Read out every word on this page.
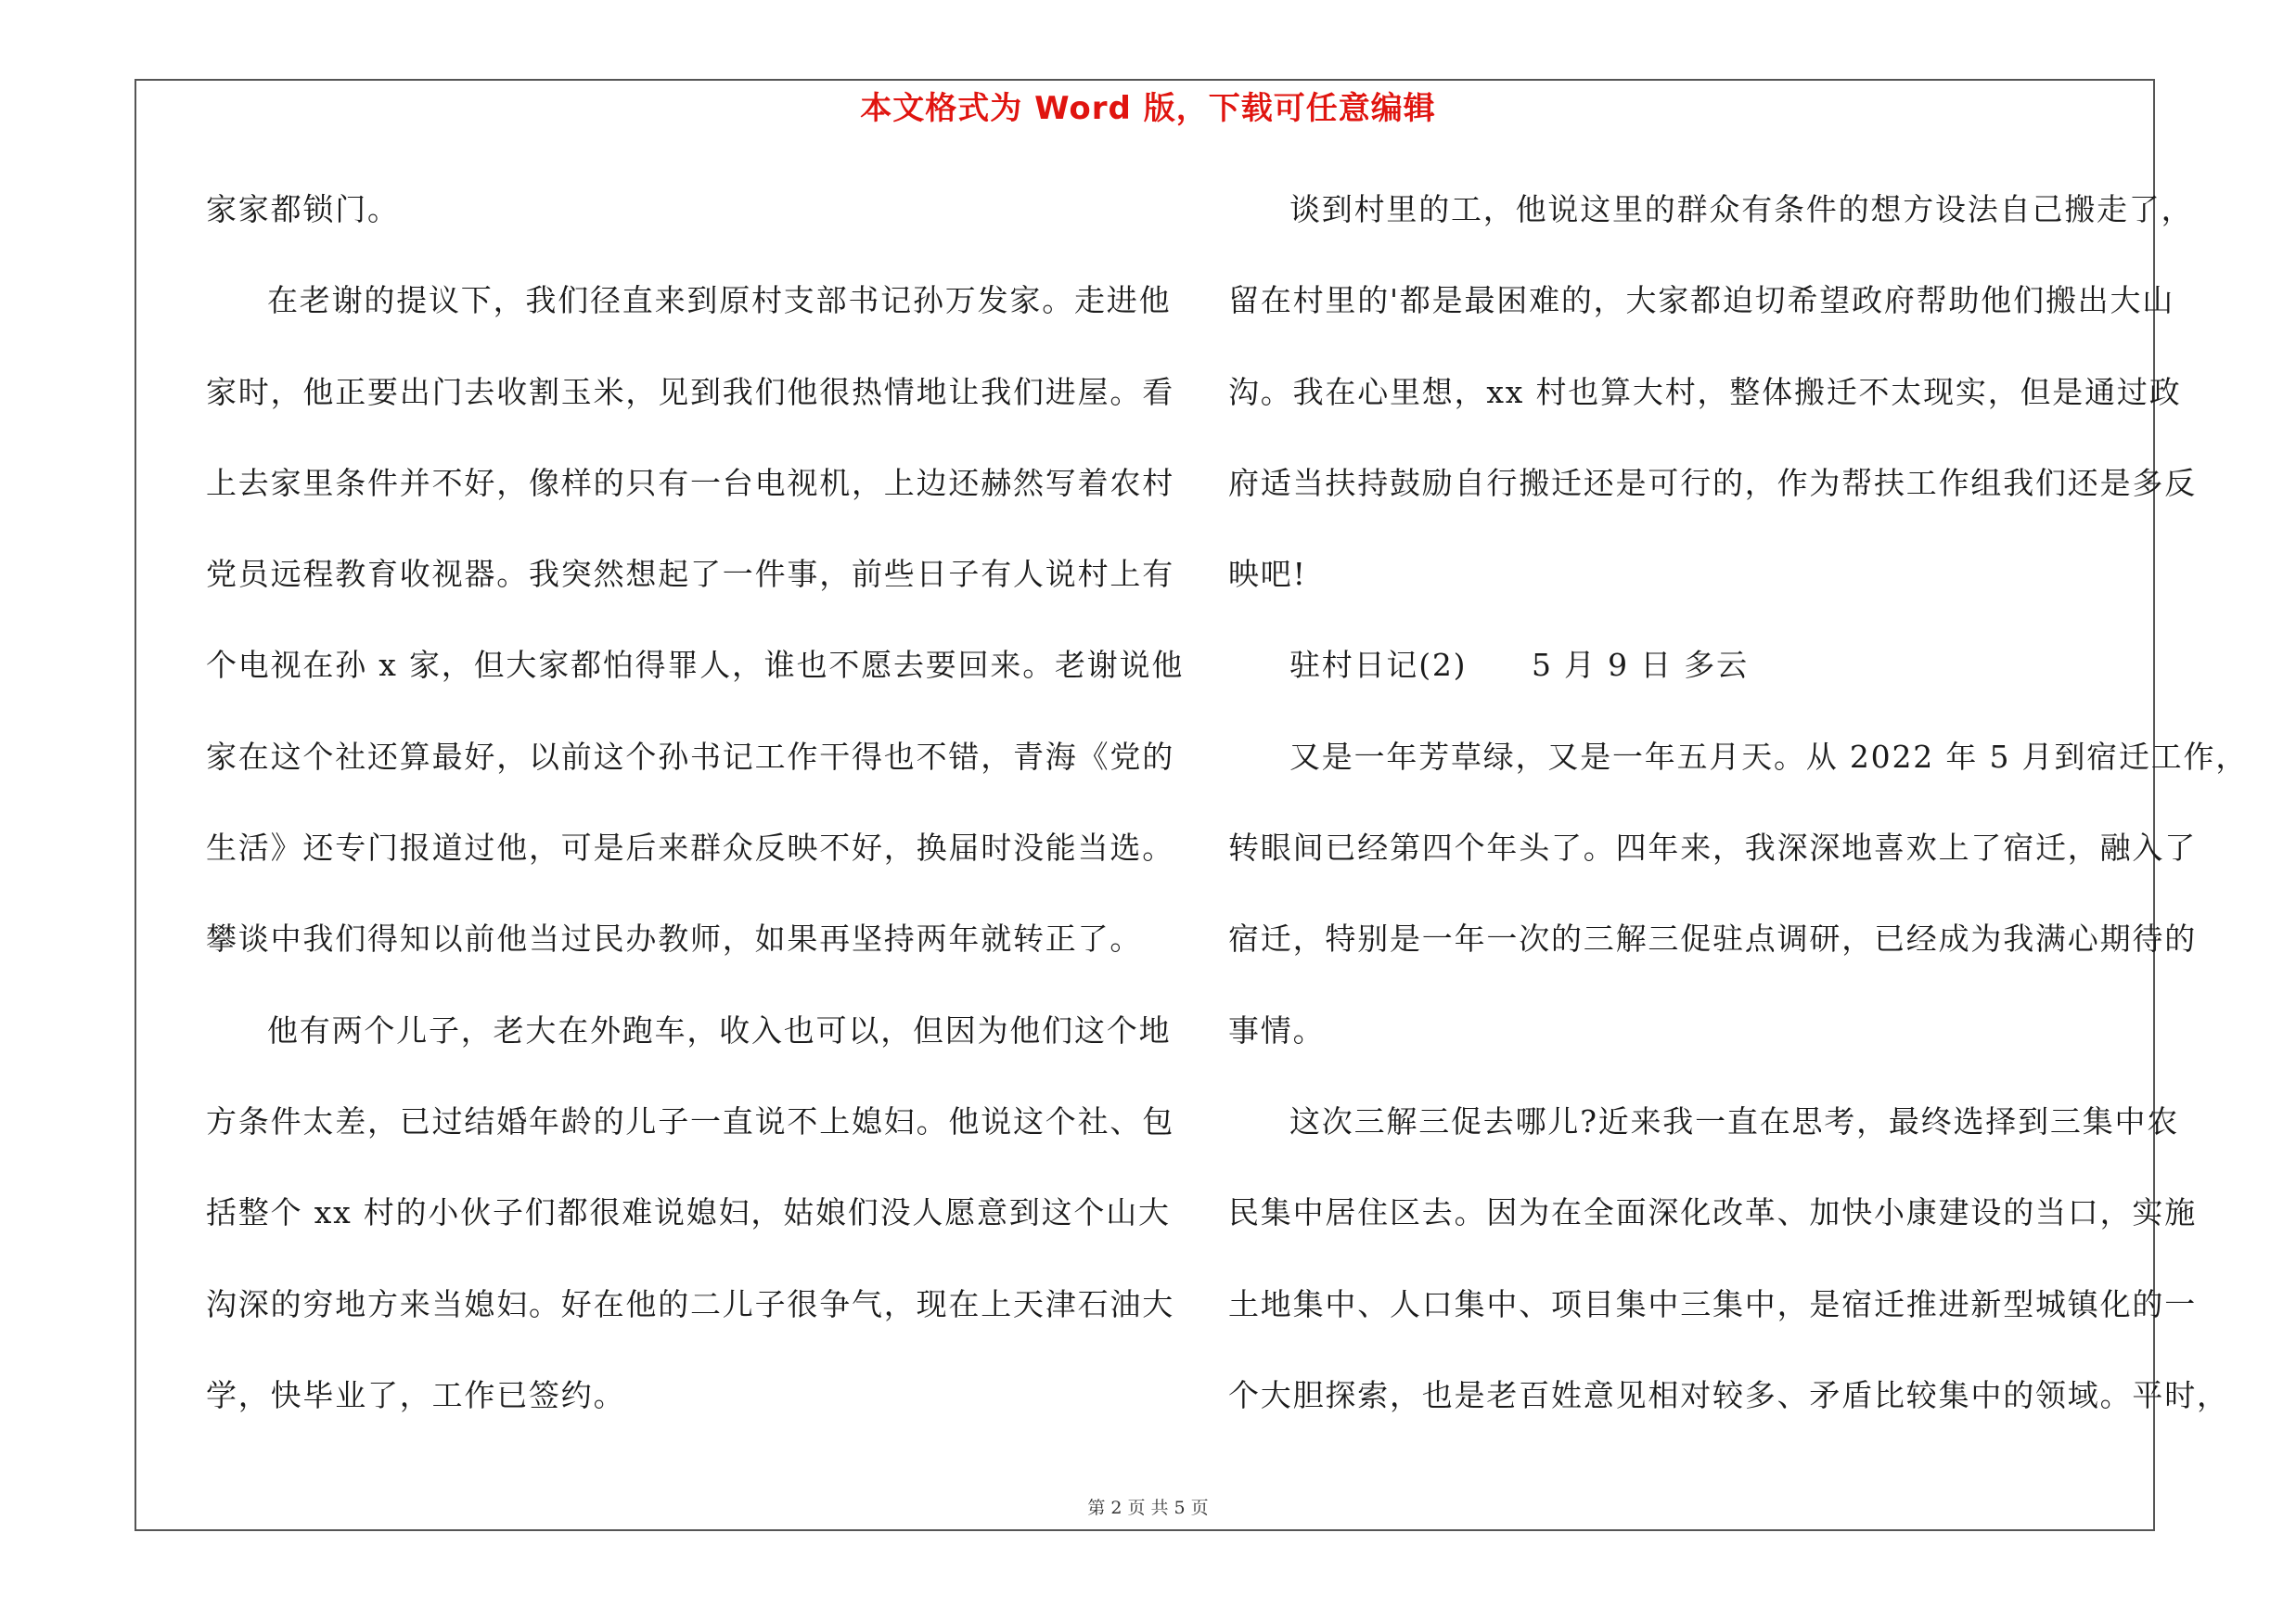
本文格式为 Word 版，下载可任意编辑
家家都锁门。
在老谢的提议下，我们径直来到原村支部书记孙万发家。走进他
家时，他正要出门去收割玉米，见到我们他很热情地让我们进屋。看
上去家里条件并不好，像样的只有一台电视机，上边还赫然写着农村
党员远程教育收视器。我突然想起了一件事，前些日子有人说村上有
个电视在孙 x 家，但大家都怕得罪人，谁也不愿去要回来。老谢说他
家在这个社还算最好，以前这个孙书记工作干得也不错，青海《党的
生活》还专门报道过他，可是后来群众反映不好，换届时没能当选。
攀谈中我们得知以前他当过民办教师，如果再坚持两年就转正了。
他有两个儿子，老大在外跑车，收入也可以，但因为他们这个地
方条件太差，已过结婚年龄的儿子一直说不上媳妇。他说这个社、包
括整个 xx 村的小伙子们都很难说媳妇，姑娘们没人愿意到这个山大
沟深的穷地方来当媳妇。好在他的二儿子很争气，现在上天津石油大
学，快毕业了，工作已签约。
谈到村里的工，他说这里的群众有条件的想方设法自己搬走了，
留在村里的'都是最困难的，大家都迫切希望政府帮助他们搬出大山
沟。我在心里想，xx 村也算大村，整体搬迁不太现实，但是通过政
府适当扶持鼓励自行搬迁还是可行的，作为帮扶工作组我们还是多反
映吧!
驻村日记(2)　　5 月 9 日 多云
又是一年芳草绿，又是一年五月天。从 2022 年 5 月到宿迁工作，
转眼间已经第四个年头了。四年来，我深深地喜欢上了宿迁，融入了
宿迁，特别是一年一次的三解三促驻点调研，已经成为我满心期待的
事情。
这次三解三促去哪儿?近来我一直在思考，最终选择到三集中农
民集中居住区去。因为在全面深化改革、加快小康建设的当口，实施
土地集中、人口集中、项目集中三集中，是宿迁推进新型城镇化的一
个大胆探索，也是老百姓意见相对较多、矛盾比较集中的领域。平时，
第 2 页 共 5 页
